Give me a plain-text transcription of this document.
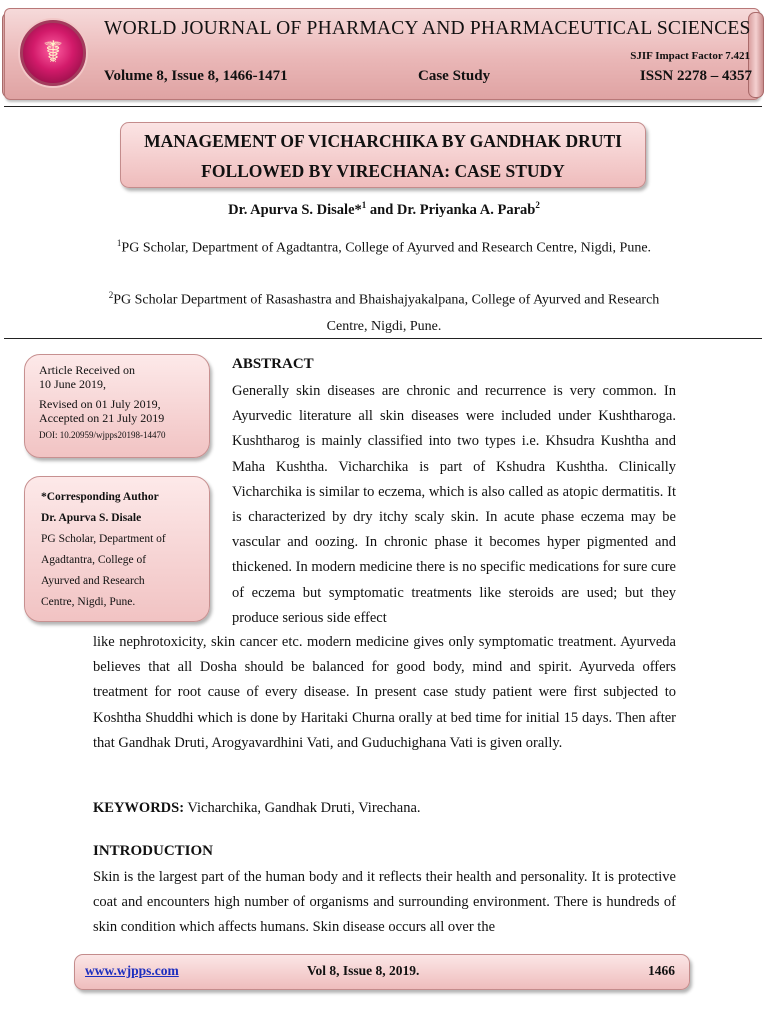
☤
WORLD JOURNAL OF PHARMACY AND PHARMACEUTICAL SCIENCES
SJIF Impact Factor 7.421
Volume 8, Issue 8, 1466-1471	Case Study	ISSN 2278 – 4357
MANAGEMENT OF VICHARCHIKA BY GANDHAK DRUTI
FOLLOWED BY VIRECHANA: CASE STUDY
Dr. Apurva S. Disale*$^1$ and Dr. Priyanka A. Parab$^2$
$^1$PG Scholar, Department of Agadtantra, College of Ayurved and Research Centre, Nigdi, Pune.
$^2$PG Scholar Department of Rasashastra and Bhaishajyakalpana, College of Ayurved and Research Centre, Nigdi, Pune.
Article Received on
10 June 2019,
Revised on 01 July 2019,
Accepted on 21 July 2019
DOI: 10.20959/wjpps20198-14470
*Corresponding Author
Dr. Apurva S. Disale
PG Scholar, Department of
Agadtantra, College of
Ayurved and Research
Centre, Nigdi, Pune.
ABSTRACT
Generally skin diseases are chronic and recurrence is very common. In Ayurvedic literature all skin diseases were included under Kushtharoga. Kushtharog is mainly classified into two types i.e. Khsudra Kushtha and Maha Kushtha. Vicharchika is part of Kshudra Kushtha. Clinically Vicharchika is similar to eczema, which is also called as atopic dermatitis. It is characterized by dry itchy scaly skin. In acute phase eczema may be vascular and oozing. In chronic phase it becomes hyper pigmented and thickened. In modern medicine there is no specific medications for sure cure of eczema but symptomatic treatments like steroids are used; but they produce serious side effect
like nephrotoxicity, skin cancer etc. modern medicine gives only symptomatic treatment. Ayurveda believes that all Dosha should be balanced for good body, mind and spirit. Ayurveda offers treatment for root cause of every disease. In present case study patient were first subjected to Koshtha Shuddhi which is done by Haritaki Churna orally at bed time for initial 15 days. Then after that Gandhak Druti, Arogyavardhini Vati, and Guduchighana Vati is given orally.
KEYWORDS: Vicharchika, Gandhak Druti, Virechana.
INTRODUCTION
Skin is the largest part of the human body and it reflects their health and personality. It is protective coat and encounters high number of organisms and surrounding environment. There is hundreds of skin condition which affects humans. Skin disease occurs all over the
www.wjpps.com	Vol 8, Issue 8, 2019.	1466
